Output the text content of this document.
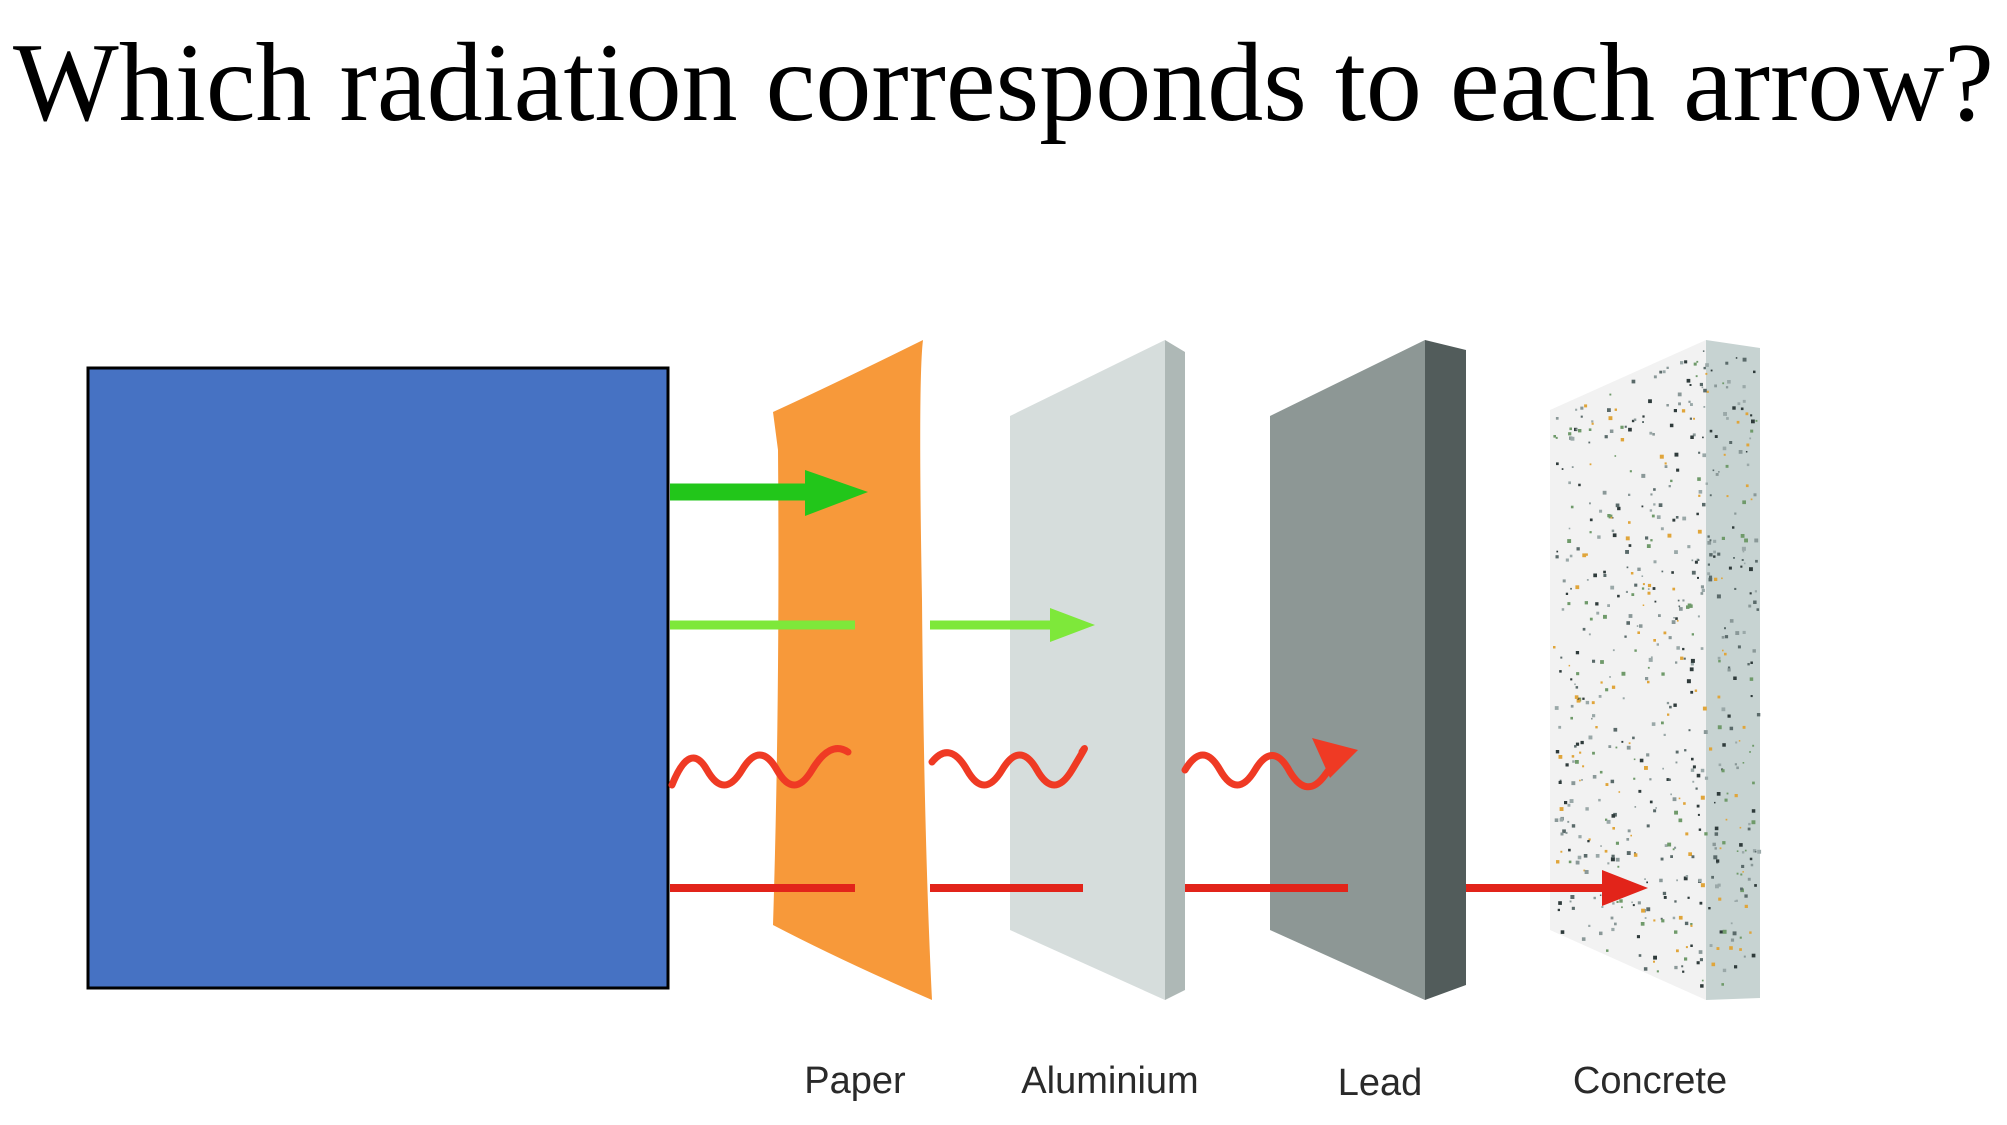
Which radiation corresponds to each arrow?
Paper	Aluminium	Lead	Concrete
